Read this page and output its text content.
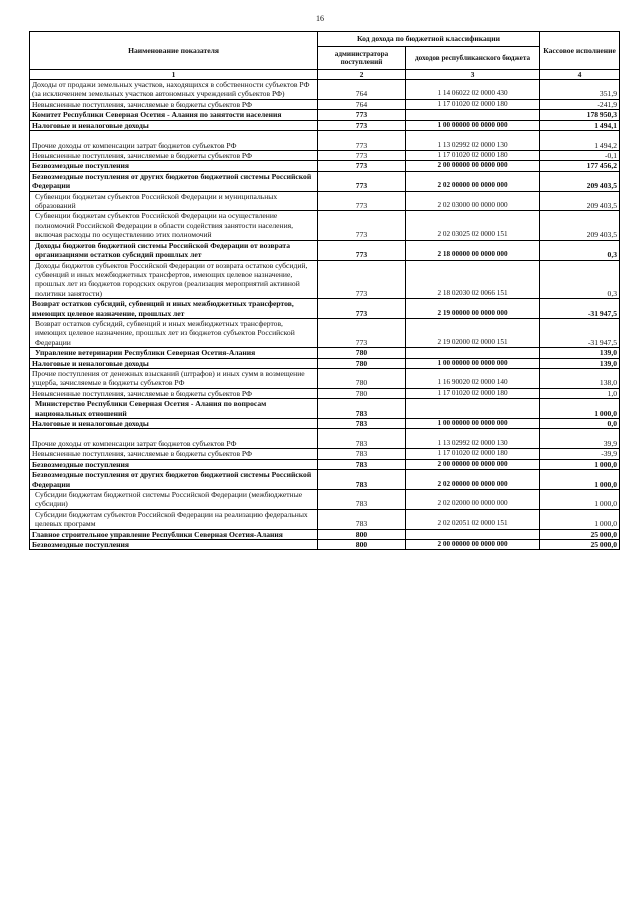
16
Наименование показателя	Код дохода по бюджетной классификации		Кассовое исполнение
	администратора поступлений	доходов республиканского бюджета	
1	2	3	4
Доходы от продажи земельных участков, находящихся в собственности субъектов РФ (за исключением земельных участков автономных учреждений субъектов РФ)	764	1 14 06022 02 0000 430	351,9
Невыясненные поступления, зачисляемые в бюджеты субъектов РФ	764	1 17 01020 02 0000 180	-241,9
Комитет Республики Северная Осетия - Алания по занятости населения	773		178 950,3
Налоговые и неналоговые доходы	773	1 00 00000 00 0000 000	1 494,1
Прочие доходы от компенсации затрат бюджетов субъектов РФ	773	1 13 02992 02 0000 130	1 494,2
Невыясненные поступления, зачисляемые в бюджеты субъектов РФ	773	1 17 01020 02 0000 180	-0,1
Безвозмездные поступления	773	2 00 00000 00 0000 000	177 456,2
Безвозмездные поступления от других бюджетов бюджетной системы Российской Федерации	773	2 02 00000 00 0000 000	209 403,5
Субвенции бюджетам субъектов Российской Федерации и муниципальных образований	773	2 02 03000 00 0000 000	209 403,5
Субвенции бюджетам субъектов Российской Федерации на осуществление полномочий Российской Федерации в области содействия занятости населения, включая расходы по осуществлению этих полномочий	773	2 02 03025 02 0000 151	209 403,5
Доходы бюджетов бюджетной системы Российской Федерации от возврата организациями остатков субсидий прошлых лет	773	2 18 00000 00 0000 000	0,3
Доходы бюджетов субъектов Российской Федерации от возврата остатков субсидий, субвенций и иных межбюджетных трансфертов, имеющих целевое назначение, прошлых лет из бюджетов городских округов (реализация мероприятий активной политики занятости)	773	2 18 02030 02 0066 151	0,3
Возврат остатков субсидий, субвенций и иных межбюджетных трансфертов, имеющих целевое назначение, прошлых лет	773	2 19 00000 00 0000 000	-31 947,5
Возврат остатков субсидий, субвенций и иных межбюджетных трансфертов, имеющих целевое назначение, прошлых лет из бюджетов субъектов Российской Федерации	773	2 19 02000 02 0000 151	-31 947,5
Управление ветеринарии Республики Северная Осетия-Алания	780		139,0
Налоговые и неналоговые доходы	780	1 00 00000 00 0000 000	139,0
Прочие поступления от денежных взысканий (штрафов) и иных сумм в возмещение ущерба, зачисляемые в бюджеты субъектов РФ	780	1 16 90020 02 0000 140	138,0
Невыясненные поступления, зачисляемые в бюджеты субъектов РФ	780	1 17 01020 02 0000 180	1,0
Министерство Республики Северная Осетия - Алания по вопросам национальных отношений	783		1 000,0
Налоговые и неналоговые доходы	783	1 00 00000 00 0000 000	0,0
Прочие доходы от компенсации затрат бюджетов субъектов РФ	783	1 13 02992 02 0000 130	39,9
Невыясненные поступления, зачисляемые в бюджеты субъектов РФ	783	1 17 01020 02 0000 180	-39,9
Безвозмездные поступления	783	2 00 00000 00 0000 000	1 000,0
Безвозмездные поступления от других бюджетов бюджетной системы Российской Федерации	783	2 02 00000 00 0000 000	1 000,0
Субсидии бюджетам бюджетной системы Российской Федерации (межбюджетные субсидии)	783	2 02 02000 00 0000 000	1 000,0
Субсидии бюджетам субъектов Российской Федерации на реализацию федеральных целевых программ	783	2 02 02051 02 0000 151	1 000,0
Главное строительное управление Республики Северная Осетия-Алания	800		25 000,0
Безвозмездные поступления	800	2 00 00000 00 0000 000	25 000,0
